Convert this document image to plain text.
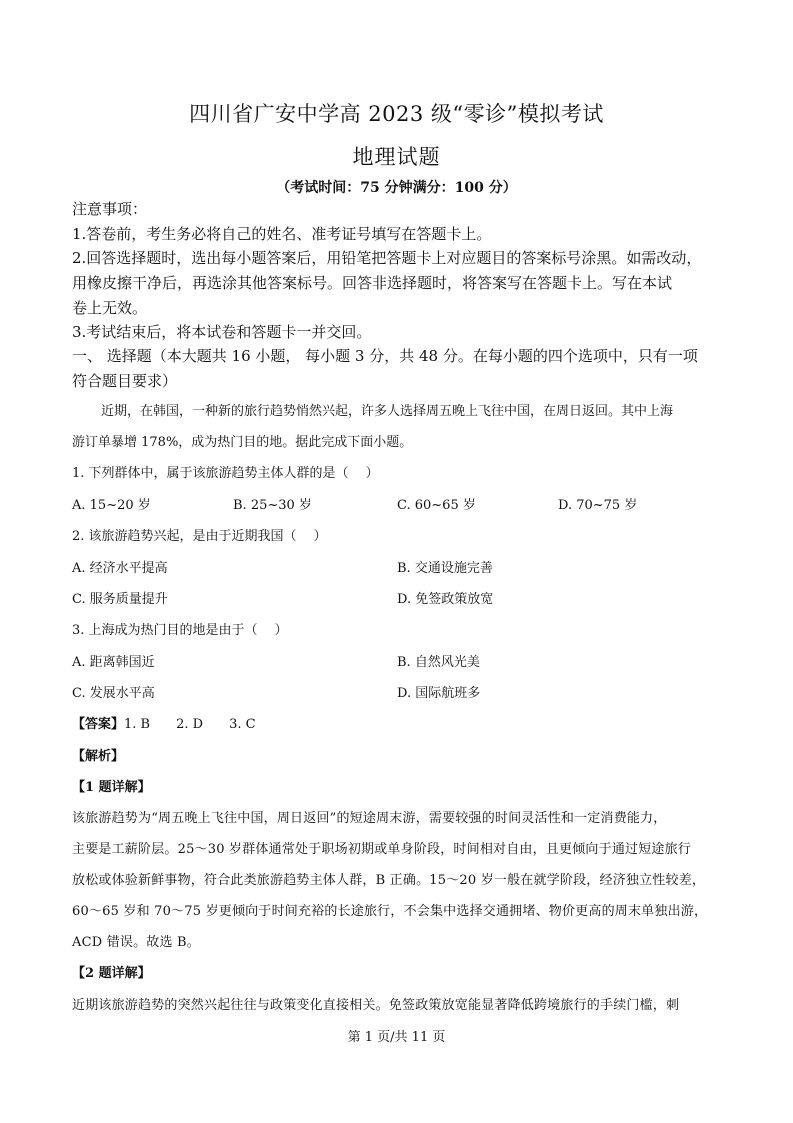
四川省广安中学高 2023 级“零诊”模拟考试
地理试题
（考试时间：75 分钟满分：100 分）
注意事项：
1.答卷前，考生务必将自己的姓名、准考证号填写在答题卡上。
2.回答选择题时，选出每小题答案后，用铅笔把答题卡上对应题目的答案标号涂黑。如需改动，
用橡皮擦干净后，再选涂其他答案标号。回答非选择题时，将答案写在答题卡上。写在本试
卷上无效。
3.考试结束后，将本试卷和答题卡一并交回。
一、 选择题（本大题共 16 小题， 每小题 3 分，共 48 分。在每小题的四个选项中，只有一项
符合题目要求）
近期，在韩国，一种新的旅行趋势悄然兴起，许多人选择周五晚上飞往中国，在周日返回。其中上海
游订单暴增 178%，成为热门目的地。据此完成下面小题。
1. 下列群体中，属于该旅游趋势主体人群的是（　 ）
A. 15~20 岁	B. 25~30 岁	C. 60~65 岁	D. 70~75 岁
2. 该旅游趋势兴起，是由于近期我国（　 ）
A. 经济水平提高	B. 交通设施完善
C. 服务质量提升	D. 免签政策放宽
3. 上海成为热门目的地是由于（　 ）
A. 距离韩国近	B. 自然风光美
C. 发展水平高	D. 国际航班多
【答案】1. B　　2. D　　3. C
【解析】
【1 题详解】
该旅游趋势为“周五晚上飞往中国，周日返回”的短途周末游，需要较强的时间灵活性和一定消费能力，
主要是工薪阶层。25～30 岁群体通常处于职场初期或单身阶段，时间相对自由，且更倾向于通过短途旅行
放松或体验新鲜事物，符合此类旅游趋势主体人群，B 正确。15～20 岁一般在就学阶段，经济独立性较差，
60～65 岁和 70～75 岁更倾向于时间充裕的长途旅行，不会集中选择交通拥堵、物价更高的周末单独出游，
ACD 错误。故选 B。
【2 题详解】
近期该旅游趋势的突然兴起往往与政策变化直接相关。免签政策放宽能显著降低跨境旅行的手续门槛，刺
第 1 页/共 11 页
